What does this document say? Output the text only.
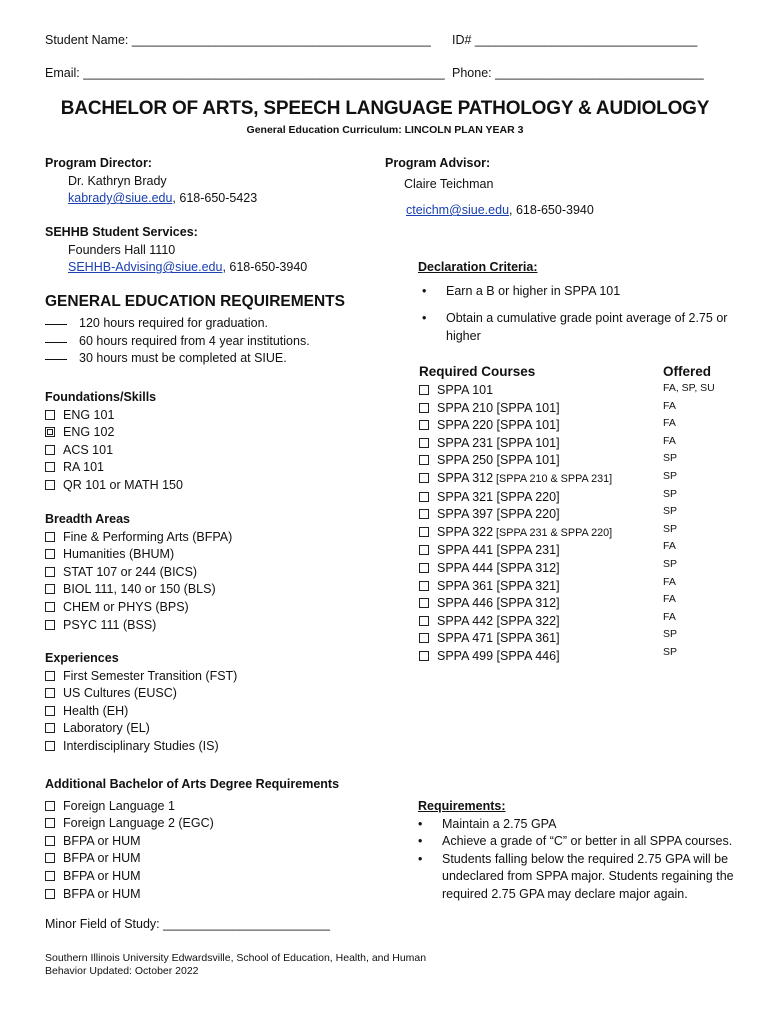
Student Name: ___________________________________________ ID# ________________________________
Email: ____________________________________________________ Phone: ______________________________
BACHELOR OF ARTS, SPEECH LANGUAGE PATHOLOGY & AUDIOLOGY
General Education Curriculum: LINCOLN PLAN YEAR 3
Program Director:
Dr. Kathryn Brady
kabrady@siue.edu, 618-650-5423
Program Advisor:
Claire Teichman
cteichm@siue.edu, 618-650-3940
SEHHB Student Services:
Founders Hall 1110
SEHHB-Advising@siue.edu, 618-650-3940	Declaration Criteria:
• Earn a B or higher in SPPA 101
• Obtain a cumulative grade point average of 2.75 or
higher
GENERAL EDUCATION REQUIREMENTS
120 hours required for graduation.
60 hours required from 4 year institutions.
30 hours must be completed at SIUE.
Foundations/Skills
ENG 101
ENG 102
ACS 101
RA 101
QR 101 or MATH 150
Breadth Areas
Fine & Performing Arts (BFPA)
Humanities (BHUM)
STAT 107 or 244 (BICS)
BIOL 111, 140 or 150 (BLS)
CHEM or PHYS (BPS)
PSYC 111 (BSS)
Experiences
First Semester Transition (FST)
US Cultures (EUSC)
Health (EH)
Laboratory (EL)
Interdisciplinary Studies (IS)
Required Courses	Offered
SPPA 101
SPPA 210 [SPPA 101]
SPPA 220 [SPPA 101]
SPPA 231 [SPPA 101]
SPPA 250 [SPPA 101]
SPPA 312 [SPPA 210 & SPPA 231]
SPPA 321 [SPPA 220]
SPPA 397 [SPPA 220]
SPPA 322 [SPPA 231 & SPPA 220]
SPPA 441 [SPPA 231]
SPPA 444 [SPPA 312]
SPPA 361 [SPPA 321]
SPPA 446 [SPPA 312]
SPPA 442 [SPPA 322]
SPPA 471 [SPPA 361]
SPPA 499 [SPPA 446]
FA, SP, SU
FA
FA
FA
SP
SP
SP
SP
SP
FA
SP
FA
FA
FA
SP
SP
Additional Bachelor of Arts Degree Requirements
Foreign Language 1
Foreign Language 2 (EGC)
BFPA or HUM
BFPA or HUM
BFPA or HUM
BFPA or HUM
Requirements:
• Maintain a 2.75 GPA
• Achieve a grade of “C” or better in all SPPA courses.
• Students falling below the required 2.75 GPA will be
undeclared from SPPA major. Students regaining the
required 2.75 GPA may declare major again.
Minor Field of Study: ________________________
Southern Illinois University Edwardsville, School of Education, Health, and Human
Behavior Updated: October 2022
